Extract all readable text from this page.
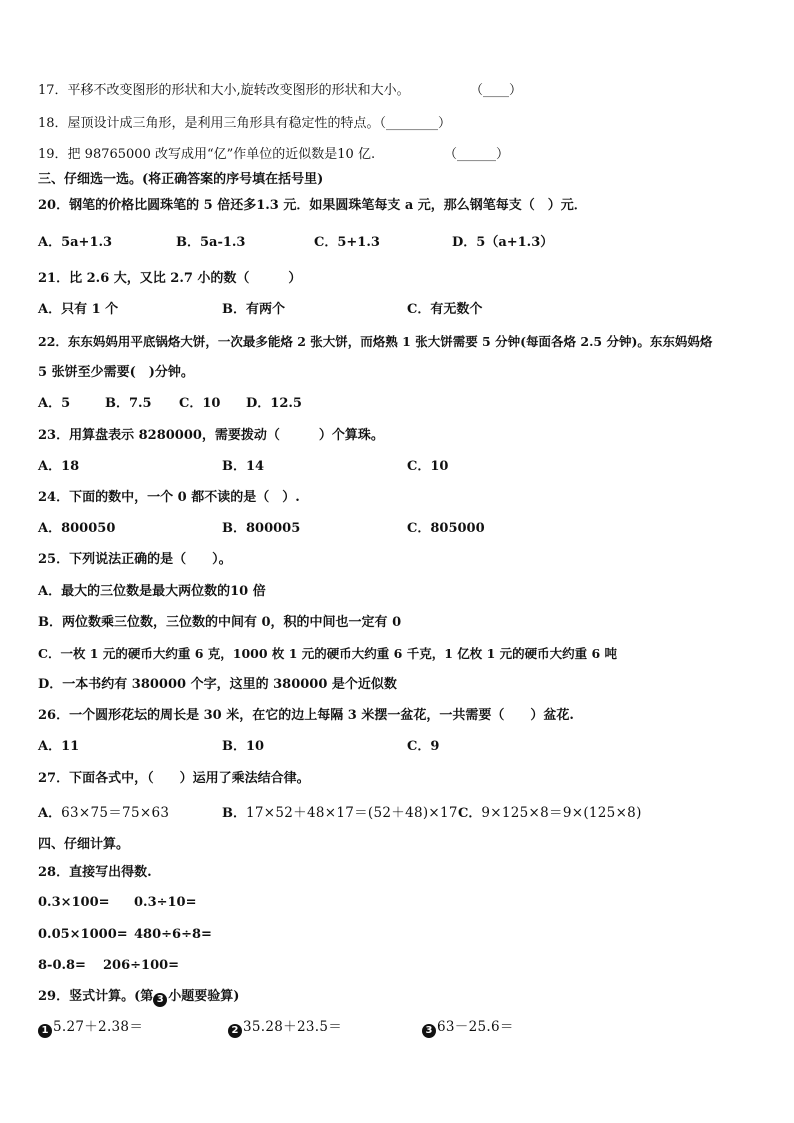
17．平移不改变图形的形状和大小,旋转改变图形的形状和大小。	（____）
18．屋顶设计成三角形，是利用三角形具有稳定性的特点。（________）
19．把 98765000 改写成用“亿”作单位的近似数是10 亿.	（______）
三、仔细选一选。(将正确答案的序号填在括号里)
20．钢笔的价格比圆珠笔的 5 倍还多1.3 元．如果圆珠笔每支 a 元，那么钢笔每支（　）元．
A．5a+1.3	B．5a-1.3	C．5+1.3	D．5（a+1.3）
21．比 2.6 大，又比 2.7 小的数（　　　）
A．只有 1 个	B．有两个	C．有无数个
22．东东妈妈用平底锅烙大饼，一次最多能烙 2 张大饼，而烙熟 1 张大饼需要 5 分钟(每面各烙 2.5 分钟)。东东妈妈烙
5 张饼至少需要(　)分钟。
A．5	B．7.5 C．10 D．12.5
23．用算盘表示 8280000，需要拨动（　　　）个算珠。
A．18	B．14	C．10
24．下面的数中，一个 0 都不读的是（　）.
A．800050	B．800005	C．805000
25．下列说法正确的是（　　）。
A．最大的三位数是最大两位数的10 倍
B．两位数乘三位数，三位数的中间有 0，积的中间也一定有 0
C．一枚 1 元的硬币大约重 6 克，1000 枚 1 元的硬币大约重 6 千克，1 亿枚 1 元的硬币大约重 6 吨
D．一本书约有 380000 个字，这里的 380000 是个近似数
26．一个圆形花坛的周长是 30 米，在它的边上每隔 3 米摆一盆花，一共需要（　　）盆花.
A．11	B．10	C．9
27．下面各式中，（　　）运用了乘法结合律。
A．63×75＝75×63	B．17×52＋48×17＝(52＋48)×17 C．9×125×8＝9×(125×8)
四、仔细计算。
28．直接写出得数.
0.3×100= 0.3÷10=
0.05×1000= 480÷6÷8=
8-0.8= 206÷100=
29．竖式计算。(第 3 小题要验算)
1 5.27＋2.38＝	2 35.28＋23.5＝	3 63－25.6＝
